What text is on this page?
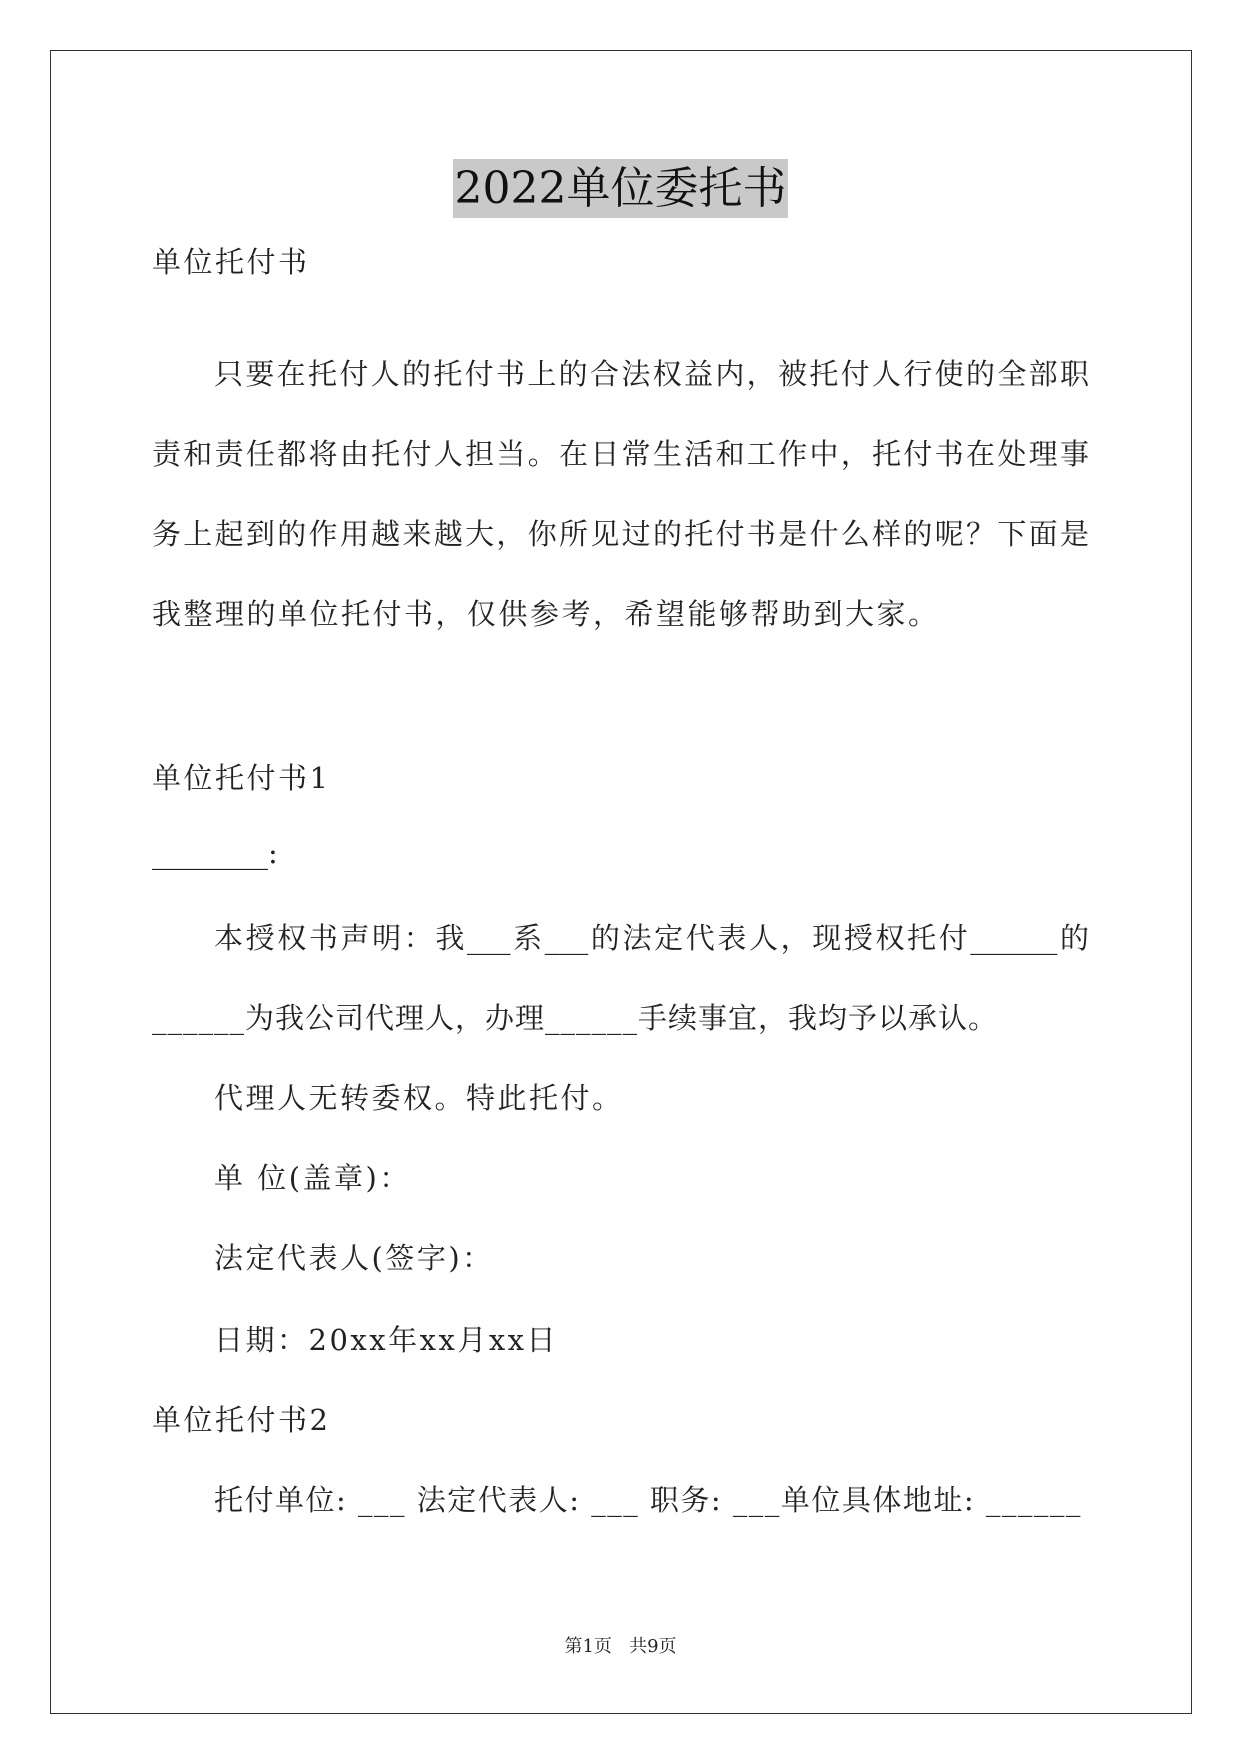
2022单位委托书
单位托付书
只要在托付人的托付书上的合法权益内，被托付人行使的全部职
责和责任都将由托付人担当。在日常生活和工作中，托付书在处理事
务上起到的作用越来越大，你所见过的托付书是什么样的呢？下面是
我整理的单位托付书，仅供参考，希望能够帮助到大家。
单位托付书1
________:
本授权书声明：我___系___的法定代表人，现授权托付______的
______为我公司代理人，办理______手续事宜，我均予以承认。
代理人无转委权。特此托付。
单 位(盖章)：
法定代表人(签字)：
日期：20xx年xx月xx日
单位托付书2
托付单位: ___ 法定代表人: ___ 职务: ___单位具体地址: ______
第1页   共9页
